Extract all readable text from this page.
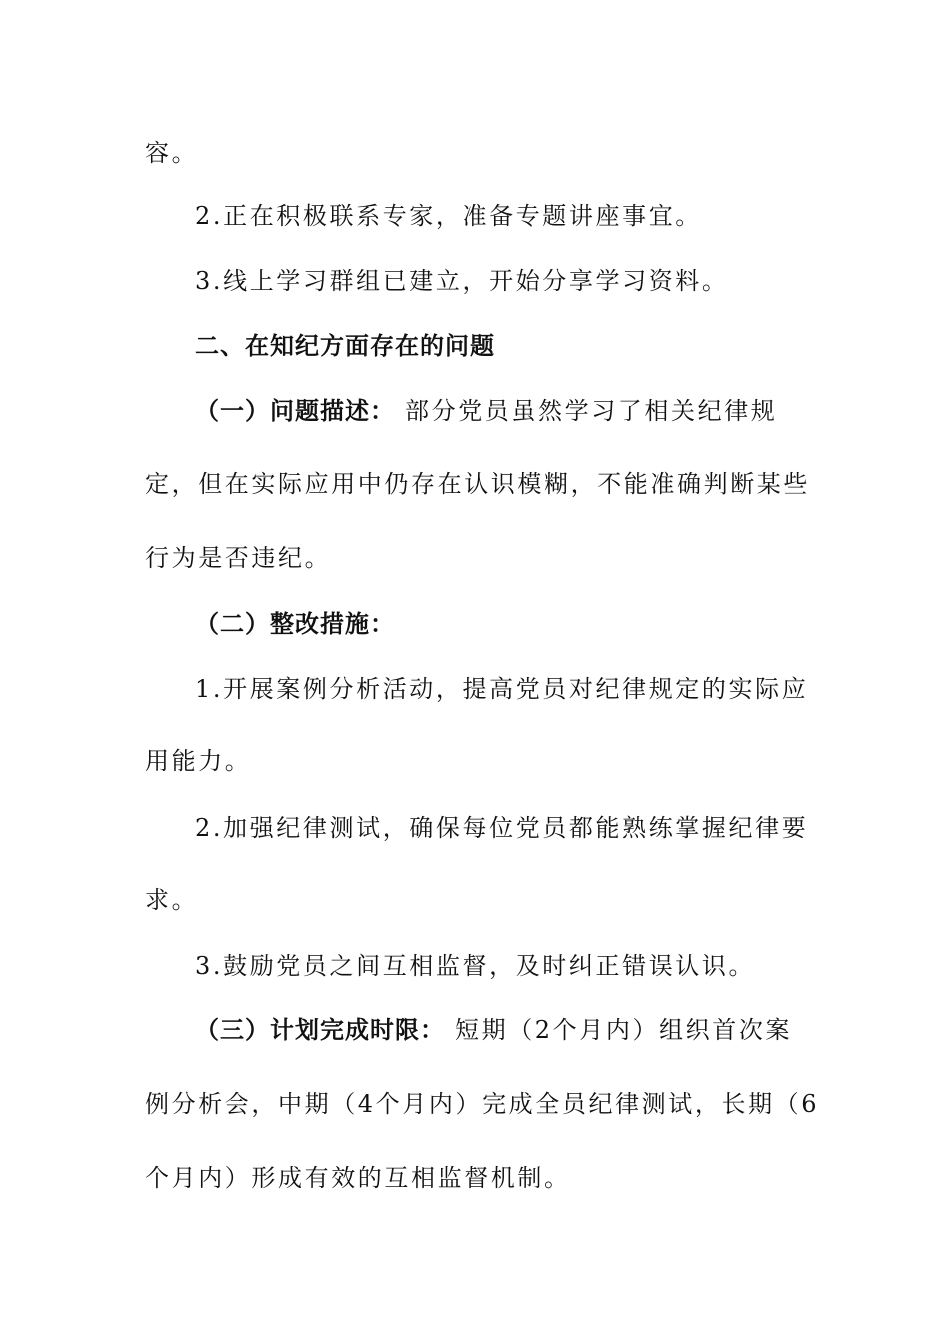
容。
2.正在积极联系专家，准备专题讲座事宜。
3.线上学习群组已建立，开始分享学习资料。
二、在知纪方面存在的问题
（一）问题描述： 部分党员虽然学习了相关纪律规
定，但在实际应用中仍存在认识模糊，不能准确判断某些
行为是否违纪。
（二）整改措施：
1.开展案例分析活动，提高党员对纪律规定的实际应
用能力。
2.加强纪律测试，确保每位党员都能熟练掌握纪律要
求。
3.鼓励党员之间互相监督，及时纠正错误认识。
（三）计划完成时限： 短期（2个月内）组织首次案
例分析会，中期（4个月内）完成全员纪律测试，长期（6
个月内）形成有效的互相监督机制。
